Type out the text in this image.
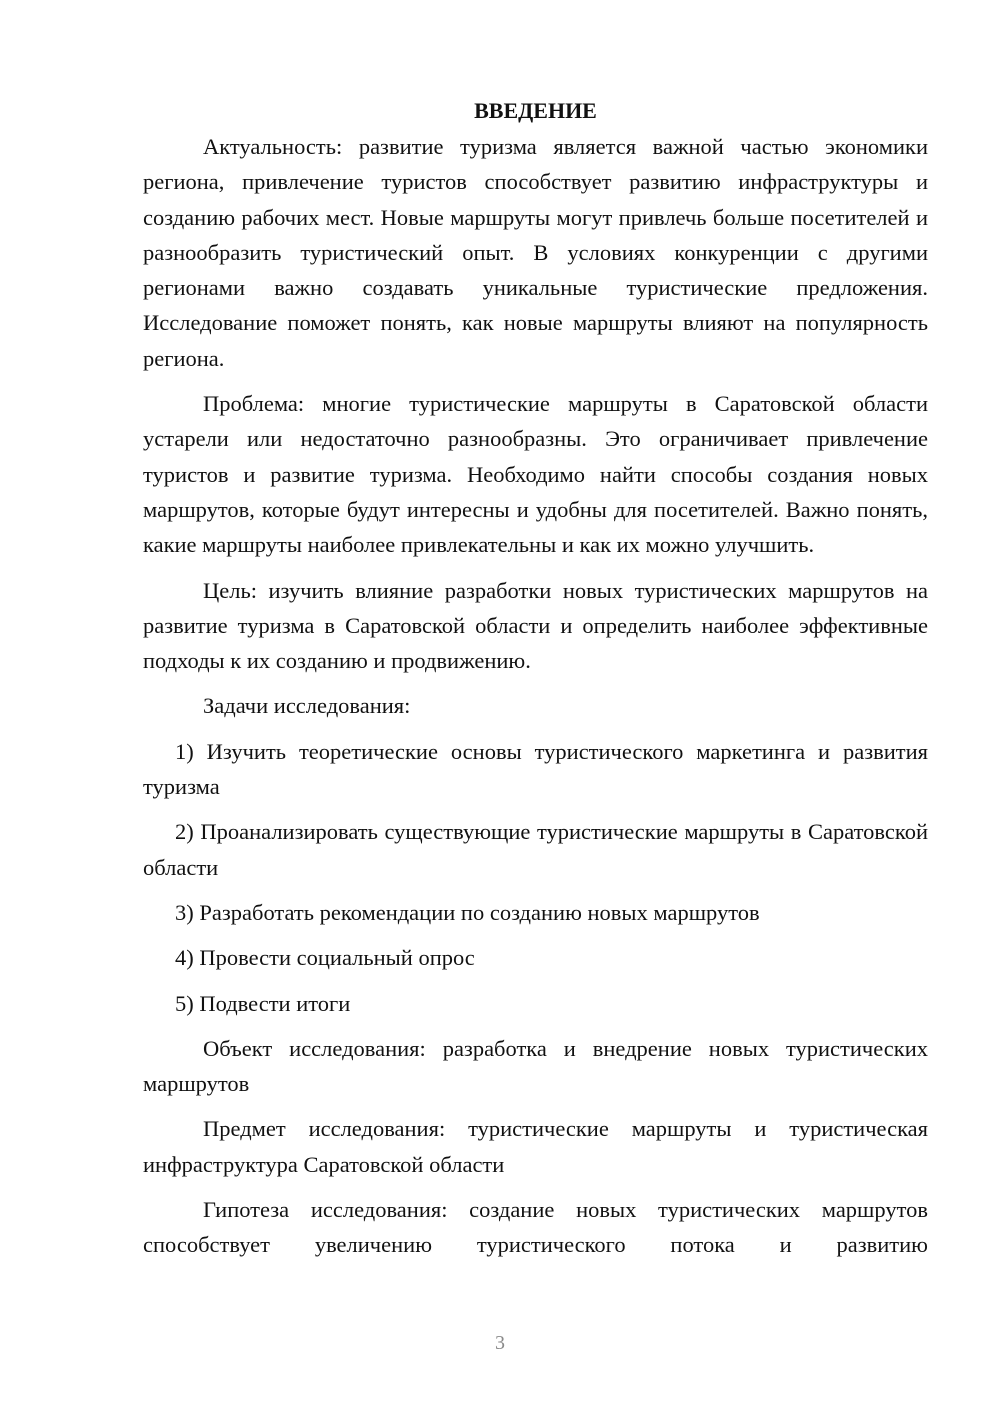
ВВЕДЕНИЕ

Актуальность: развитие туризма является важной частью экономики региона, привлечение туристов способствует развитию инфраструктуры и созданию рабочих мест. Новые маршруты могут привлечь больше посетителей и разнообразить туристический опыт. В условиях конкуренции с другими регионами важно создавать уникальные туристические предложения. Исследование поможет понять, как новые маршруты влияют на популярность региона.

Проблема: многие туристические маршруты в Саратовской области устарели или недостаточно разнообразны. Это ограничивает привлечение туристов и развитие туризма. Необходимо найти способы создания новых маршрутов, которые будут интересны и удобны для посетителей. Важно понять, какие маршруты наиболее привлекательны и как их можно улучшить.

Цель: изучить влияние разработки новых туристических маршрутов на развитие туризма в Саратовской области и определить наиболее эффективные подходы к их созданию и продвижению.

Задачи исследования:

1) Изучить теоретические основы туристического маркетинга и развития туризма

2) Проанализировать существующие туристические маршруты в Саратовской области

3) Разработать рекомендации по созданию новых маршрутов

4) Провести социальный опрос

5) Подвести итоги

Объект исследования: разработка и внедрение новых туристических маршрутов

Предмет исследования: туристические маршруты и туристическая инфраструктура Саратовской области

Гипотеза исследования: создание новых туристических маршрутов способствует увеличению туристического потока и развитию

3
